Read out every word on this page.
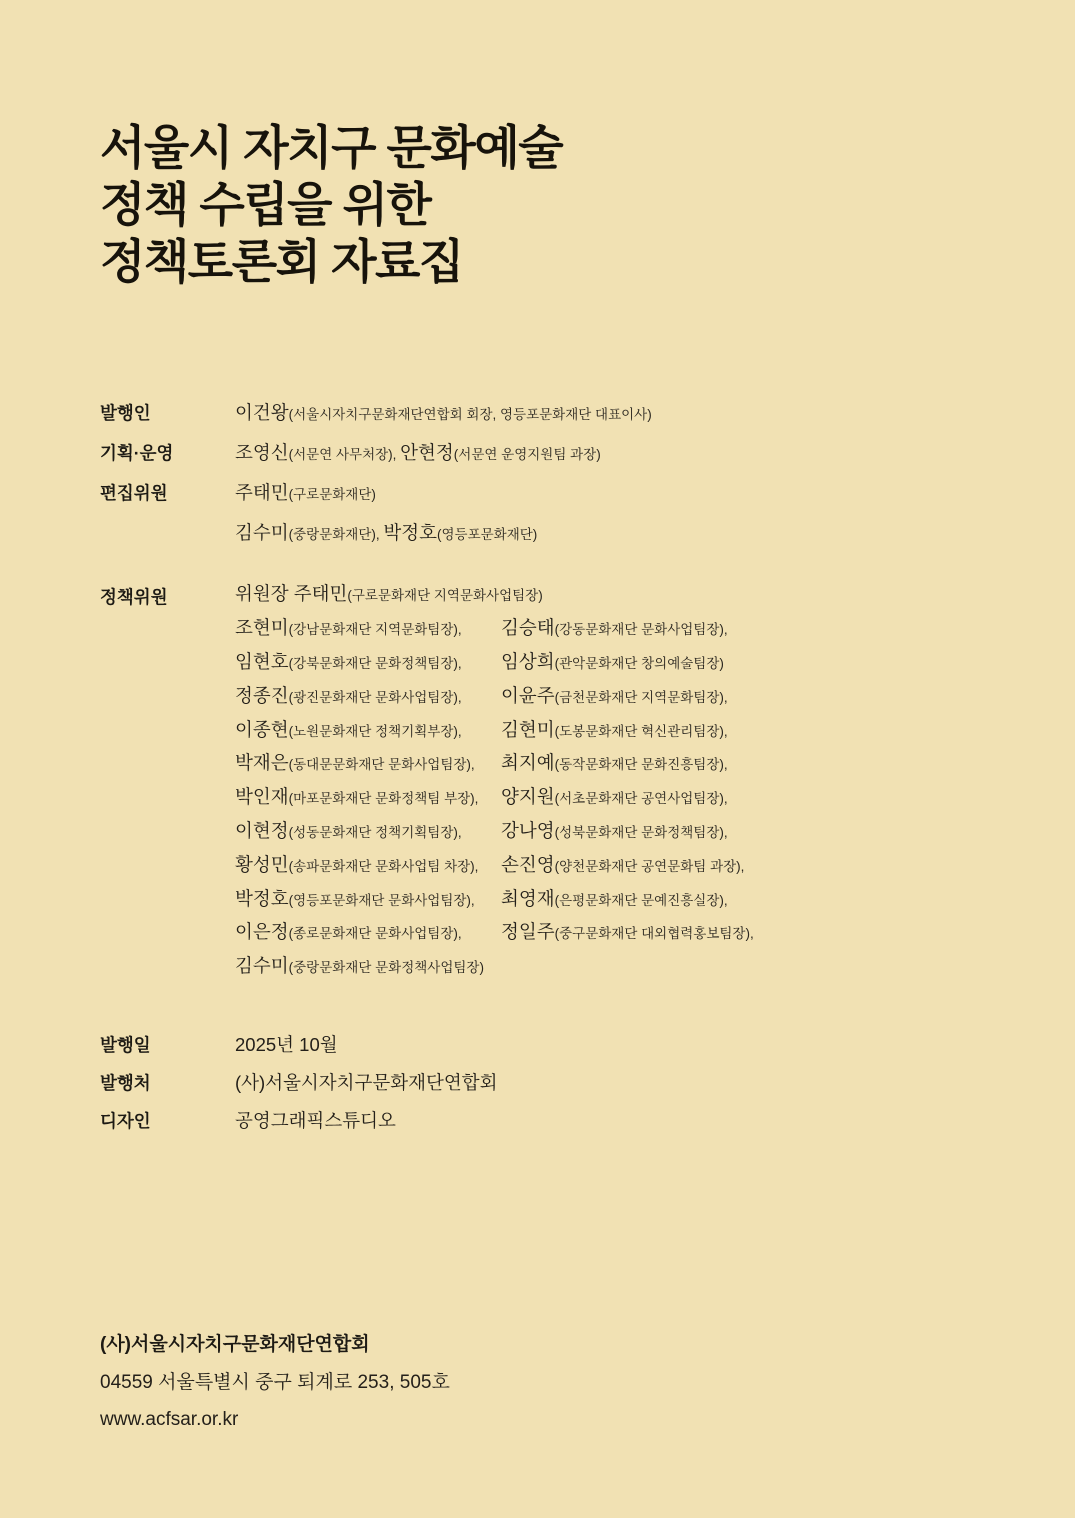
서울시 자치구 문화예술
정책 수립을 위한
정책토론회 자료집
발행인	이건왕(서울시자치구문화재단연합회 회장, 영등포문화재단 대표이사)
기획·운영	조영신(서문연 사무처장), 안현정(서문연 운영지원팀 과장)
편집위원	주태민(구로문화재단)
김수미(중랑문화재단), 박정호(영등포문화재단)
정책위원	위원장 주태민(구로문화재단 지역문화사업팀장)
조현미(강남문화재단 지역문화팀장),	김승태(강동문화재단 문화사업팀장),
임현호(강북문화재단 문화정책팀장),	임상희(관악문화재단 창의예술팀장)
정종진(광진문화재단 문화사업팀장),	이윤주(금천문화재단 지역문화팀장),
이종현(노원문화재단 정책기획부장),	김현미(도봉문화재단 혁신관리팀장),
박재은(동대문문화재단 문화사업팀장),	최지예(동작문화재단 문화진흥팀장),
박인재(마포문화재단 문화정책팀 부장),	양지원(서초문화재단 공연사업팀장),
이현정(성동문화재단 정책기획팀장),	강나영(성북문화재단 문화정책팀장),
황성민(송파문화재단 문화사업팀 차장),	손진영(양천문화재단 공연문화팀 과장),
박정호(영등포문화재단 문화사업팀장),	최영재(은평문화재단 문예진흥실장),
이은정(종로문화재단 문화사업팀장),	정일주(중구문화재단 대외협력홍보팀장),
김수미(중랑문화재단 문화정책사업팀장)
발행일	2025년 10월
발행처	(사)서울시자치구문화재단연합회
디자인	공영그래픽스튜디오
(사)서울시자치구문화재단연합회
04559 서울특별시 중구 퇴계로 253, 505호
www.acfsar.or.kr
